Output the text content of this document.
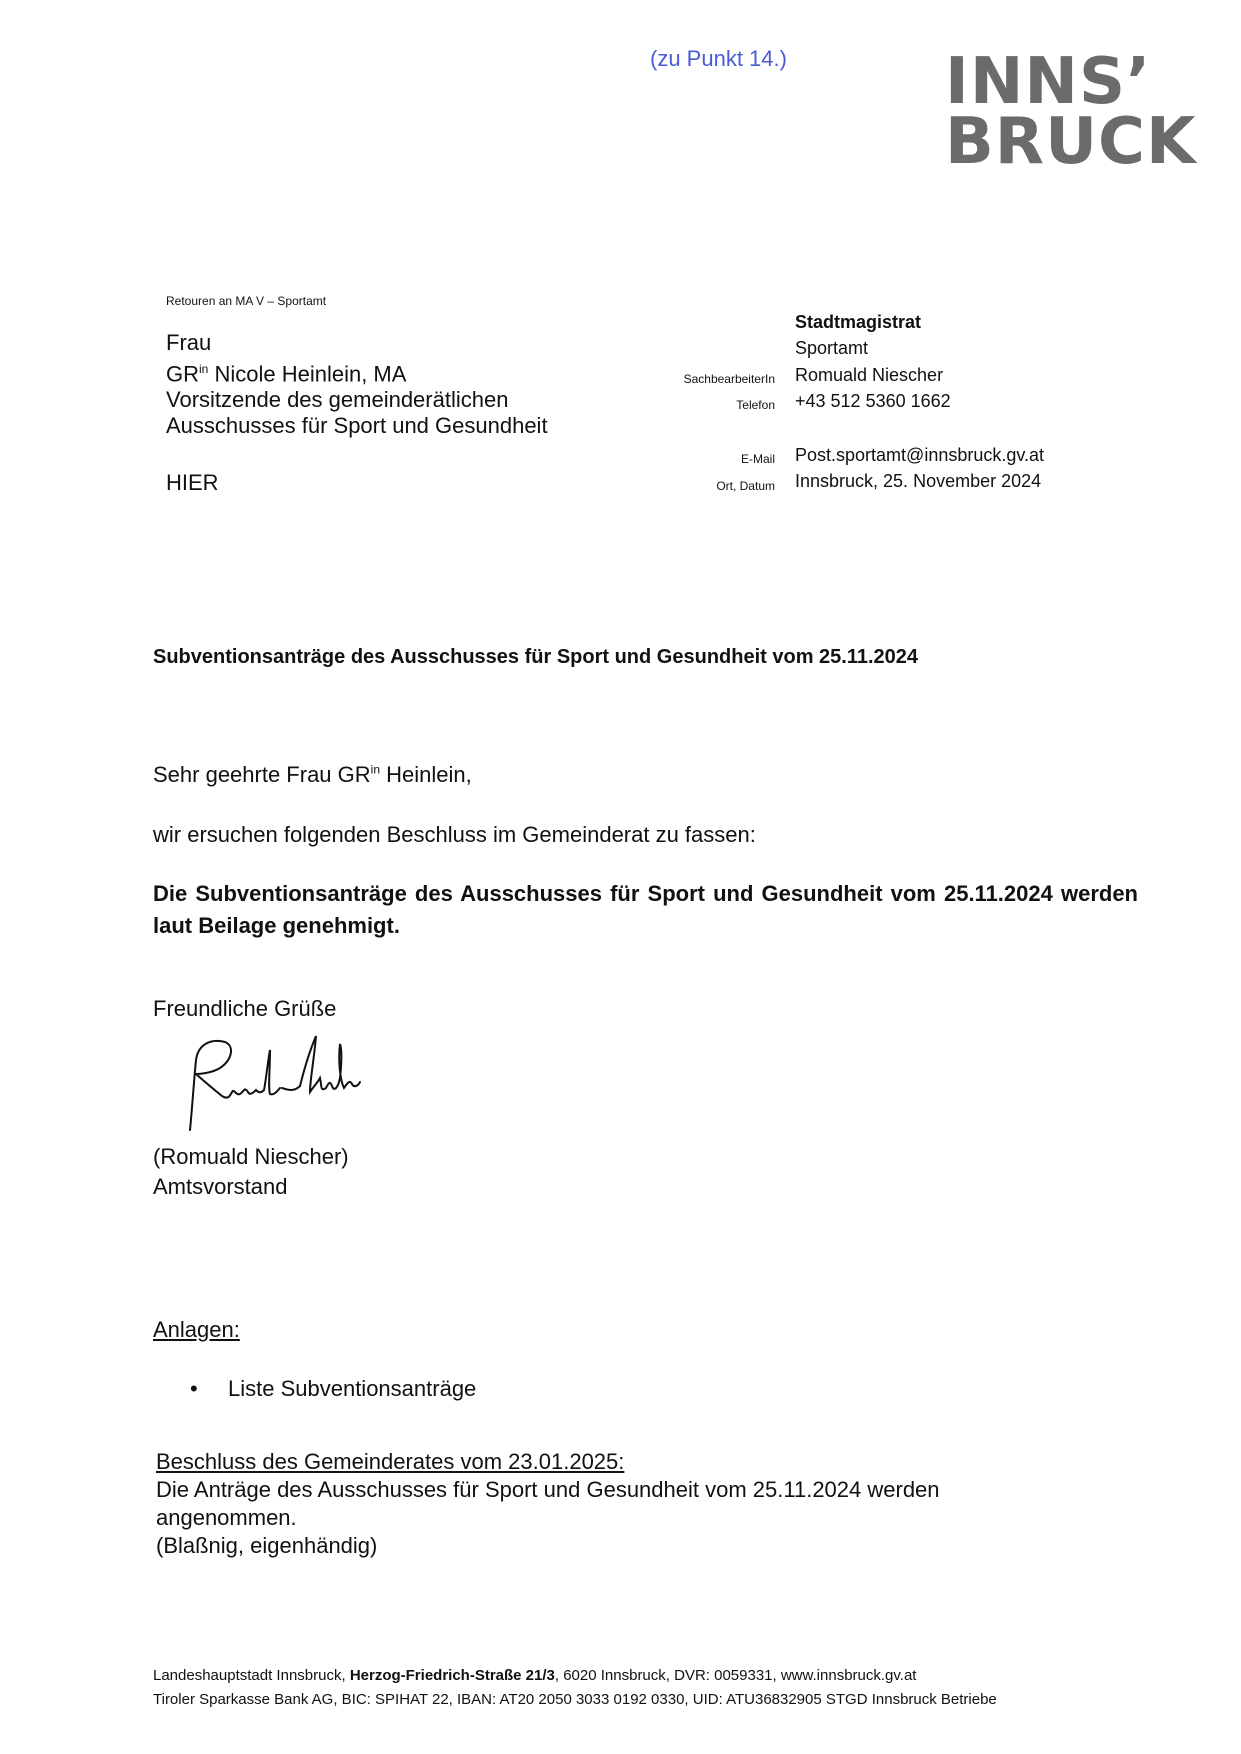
(zu Punkt 14.) INNS’
BRUCK
Retouren an MA V – Sportamt
Frau
$GR^{in}$ Nicole Heinlein, MA
Vorsitzende des gemeinderätlichen
Ausschusses für Sport und Gesundheit
HIER
Stadtmagistrat
Sportamt
SachbearbeiterIn Romuald Niescher
Telefon +43 512 5360 1662
E-Mail Post.sportamt@innsbruck.gv.at
Ort, Datum Innsbruck, 25. November 2024
Subventionsanträge des Ausschusses für Sport und Gesundheit vom 25.11.2024
Sehr geehrte Frau $GR^{in}$ Heinlein,
wir ersuchen folgenden Beschluss im Gemeinderat zu fassen:
Die Subventionsanträge des Ausschusses für Sport und Gesundheit vom 25.11.2024 werden laut Beilage genehmigt.
Freundliche Grüße
(Romuald Niescher)
Amtsvorstand
Anlagen:
• Liste Subventionsanträge
Beschluss des Gemeinderates vom 23.01.2025:
Die Anträge des Ausschusses für Sport und Gesundheit vom 25.11.2024 werden angenommen.
(Blaßnig, eigenhändig)
Landeshauptstadt Innsbruck, Herzog-Friedrich-Straße 21/3, 6020 Innsbruck, DVR: 0059331, www.innsbruck.gv.at
Tiroler Sparkasse Bank AG, BIC: SPIHAT 22, IBAN: AT20 2050 3033 0192 0330, UID: ATU36832905 STGD Innsbruck Betriebe
